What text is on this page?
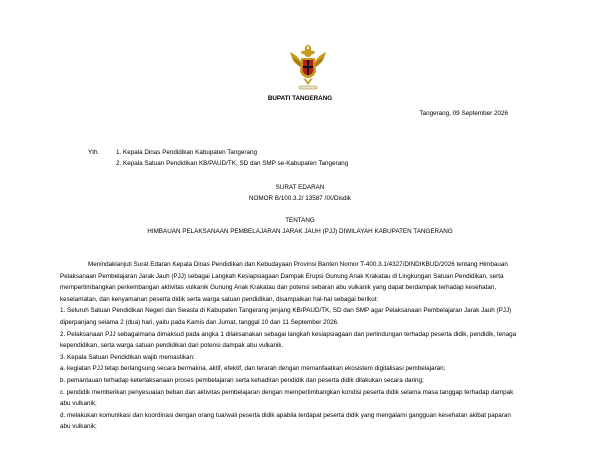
BUPATI TANGERANG
Tangerang, 09 September 2026
Yth.	1. Kepala Dinas Pendidikan Kabupaten Tangerang
2. Kepala Satuan Pendidikan KB/PAUD/TK, SD dan SMP se-Kabupaten Tangerang
SURAT EDARAN
NOMOR B/100.3.2/ 13587 /IX/Disdik
TENTANG
HIMBAUAN PELAKSANAAN PEMBELAJARAN JARAK JAUH (PJJ) DIWILAYAH KABUPATEN TANGERANG

Menindaklanjuti Surat Edaran Kepala Dinas Pendidikan dan Kebudayaan Provinsi Banten Nomor T-400.3.1/4327/DINDIKBUD/2026 tentang Himbauan Pelaksanaan Pembelajaran Jarak Jauh (PJJ) sebagai Langkah Kesiapsiagaan Dampak Erupsi Gunung Anak Krakatau di Lingkungan Satuan Pendidikan, serta mempertimbangkan perkembangan aktivitas vulkanik Gunung Anak Krakatau dan potensi sebaran abu vulkanik yang dapat berdampak terhadap kesehatan, keselamatan, dan kenyamanan peserta didik serta warga satuan pendidikan, disampaikan hal-hal sebagai berikut:

1. Seluruh Satuan Pendidikan Negeri dan Swasta di Kabupaten Tangerang jenjang KB/PAUD/TK, SD dan SMP agar Pelaksanaan Pembelajaran Jarak Jauh (PJJ) diperpanjang selama 2 (dua) hari, yaitu pada Kamis dan Jumat, tanggal 10 dan 11 September 2026.

2. Pelaksanaan PJJ sebagaimana dimaksud pada angka 1 dilaksanakan sebagai langkah kesiapsiagaan dan perlindungan terhadap peserta didik, pendidik, tenaga kependidikan, serta warga satuan pendidikan dari potensi dampak abu vulkanik.

3. Kepala Satuan Pendidikan wajib memastikan:

a. kegiatan PJJ tetap berlangsung secara bermakna, aktif, efektif, dan terarah dengan memanfaatkan ekosistem digitalisasi pembelajaran;

b. pemantauan terhadap keterlaksanaan proses pembelajaran serta kehadiran pendidik dan peserta didik dilakukan secara daring;

c. pendidik memberikan penyesuaian beban dan aktivitas pembelajaran dengan mempertimbangkan kondisi peserta didik selama masa tanggap terhadap dampak abu vulkanik;

d. melakukan komunikasi dan koordinasi dengan orang tua/wali peserta didik apabila terdapat peserta didik yang mengalami gangguan kesehatan akibat paparan abu vulkanik;
